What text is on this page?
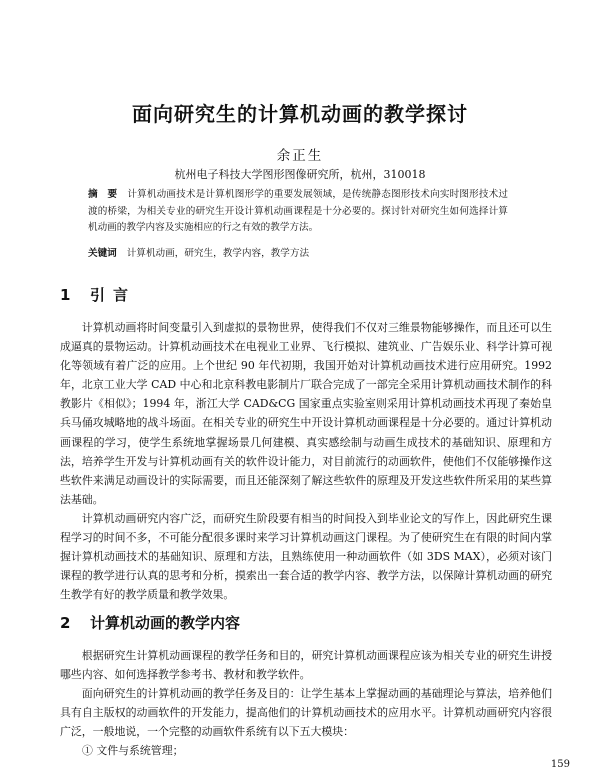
面向研究生的计算机动画的教学探讨
余正生
杭州电子科技大学图形图像研究所，杭州，310018
摘　要 计算机动画技术是计算机图形学的重要发展领域，是传统静态图形技术向实时图形技术过渡的桥梁，为相关专业的研究生开设计算机动画课程是十分必要的。探讨针对研究生如何选择计算机动画的教学内容及实施相应的行之有效的教学方法。
关键词 计算机动画，研究生，教学内容，教学方法
1 引言

计算机动画将时间变量引入到虚拟的景物世界，使得我们不仅对三维景物能够操作，而且还可以生成逼真的景物运动。计算机动画技术在电视业工业界、飞行模拟、建筑业、广告娱乐业、科学计算可视化等领域有着广泛的应用。上个世纪 90 年代初期，我国开始对计算机动画技术进行应用研究。1992 年，北京工业大学 CAD 中心和北京科教电影制片厂联合完成了一部完全采用计算机动画技术制作的科教影片《相似》；1994 年，浙江大学 CAD&CG 国家重点实验室则采用计算机动画技术再现了秦始皇兵马俑攻城略地的战斗场面。在相关专业的研究生中开设计算机动画课程是十分必要的。通过计算机动画课程的学习，使学生系统地掌握场景几何建模、真实感绘制与动画生成技术的基础知识、原理和方法，培养学生开发与计算机动画有关的软件设计能力，对目前流行的动画软件，使他们不仅能够操作这些软件来满足动画设计的实际需要，而且还能深刻了解这些软件的原理及开发这些软件所采用的某些算法基础。

计算机动画研究内容广泛，而研究生阶段要有相当的时间投入到毕业论文的写作上，因此研究生课程学习的时间不多，不可能分配很多课时来学习计算机动画这门课程。为了使研究生在有限的时间内掌握计算机动画技术的基础知识、原理和方法，且熟练使用一种动画软件（如 3DS MAX），必须对该门课程的教学进行认真的思考和分析，摸索出一套合适的教学内容、教学方法，以保障计算机动画的研究生教学有好的教学质量和教学效果。

2 计算机动画的教学内容

根据研究生计算机动画课程的教学任务和目的，研究计算机动画课程应该为相关专业的研究生讲授哪些内容、如何选择教学参考书、教材和教学软件。

面向研究生的计算机动画的教学任务及目的：让学生基本上掌握动画的基础理论与算法，培养他们具有自主版权的动画软件的开发能力，提高他们的计算机动画技术的应用水平。计算机动画研究内容很广泛，一般地说，一个完整的动画软件系统有以下五大模块：

① 文件与系统管理；
159
